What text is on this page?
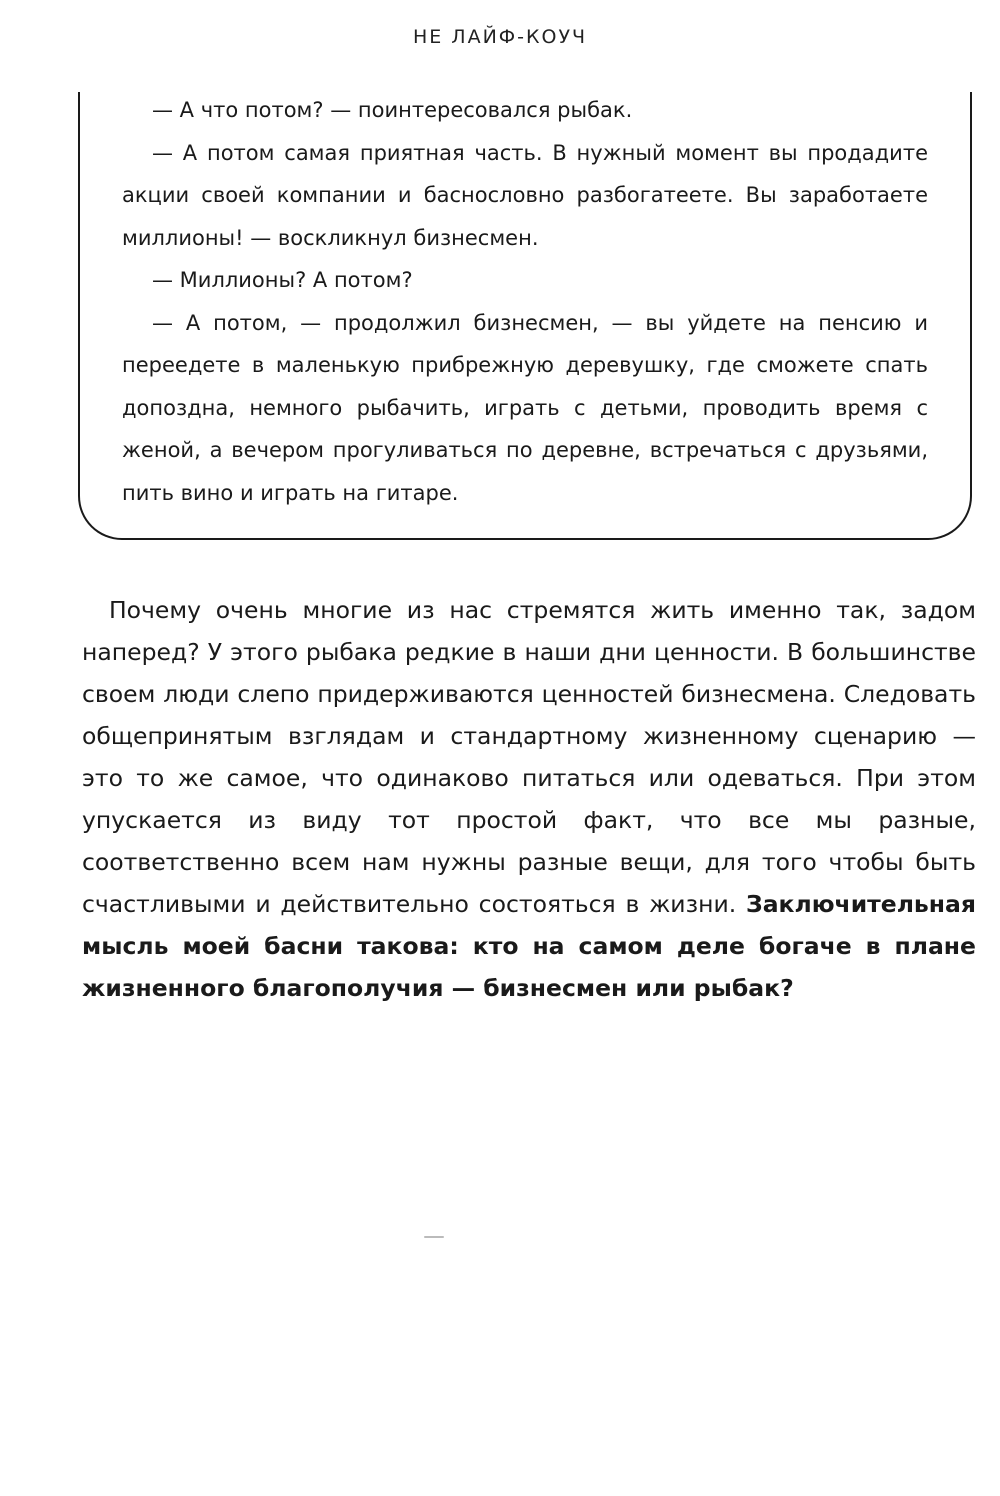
НЕ ЛАЙФ-КОУЧ

— А что потом? — поинтересовался рыбак.

— А потом самая приятная часть. В нужный момент вы продадите акции своей компании и баснословно разбогатеете. Вы заработаете миллионы! — воскликнул бизнесмен.

— Миллионы? А потом?

— А потом, — продолжил бизнесмен, — вы уйдете на пенсию и переедете в маленькую прибрежную деревушку, где сможете спать допоздна, немного рыбачить, играть с детьми, проводить время с женой, а вечером прогуливаться по деревне, встречаться с друзьями, пить вино и играть на гитаре.

Почему очень многие из нас стремятся жить именно так, задом наперед? У этого рыбака редкие в наши дни ценности. В большинстве своем люди слепо придерживаются ценностей бизнесмена. Следовать общепринятым взглядам и стандартному жизненному сценарию — это то же самое, что одинаково питаться или одеваться. При этом упускается из виду тот простой факт, что все мы разные, соответственно всем нам нужны разные вещи, для того чтобы быть счастливыми и действительно состояться в жизни. Заключительная мысль моей басни такова: кто на самом деле богаче в плане жизненного благополучия — бизнесмен или рыбак?
